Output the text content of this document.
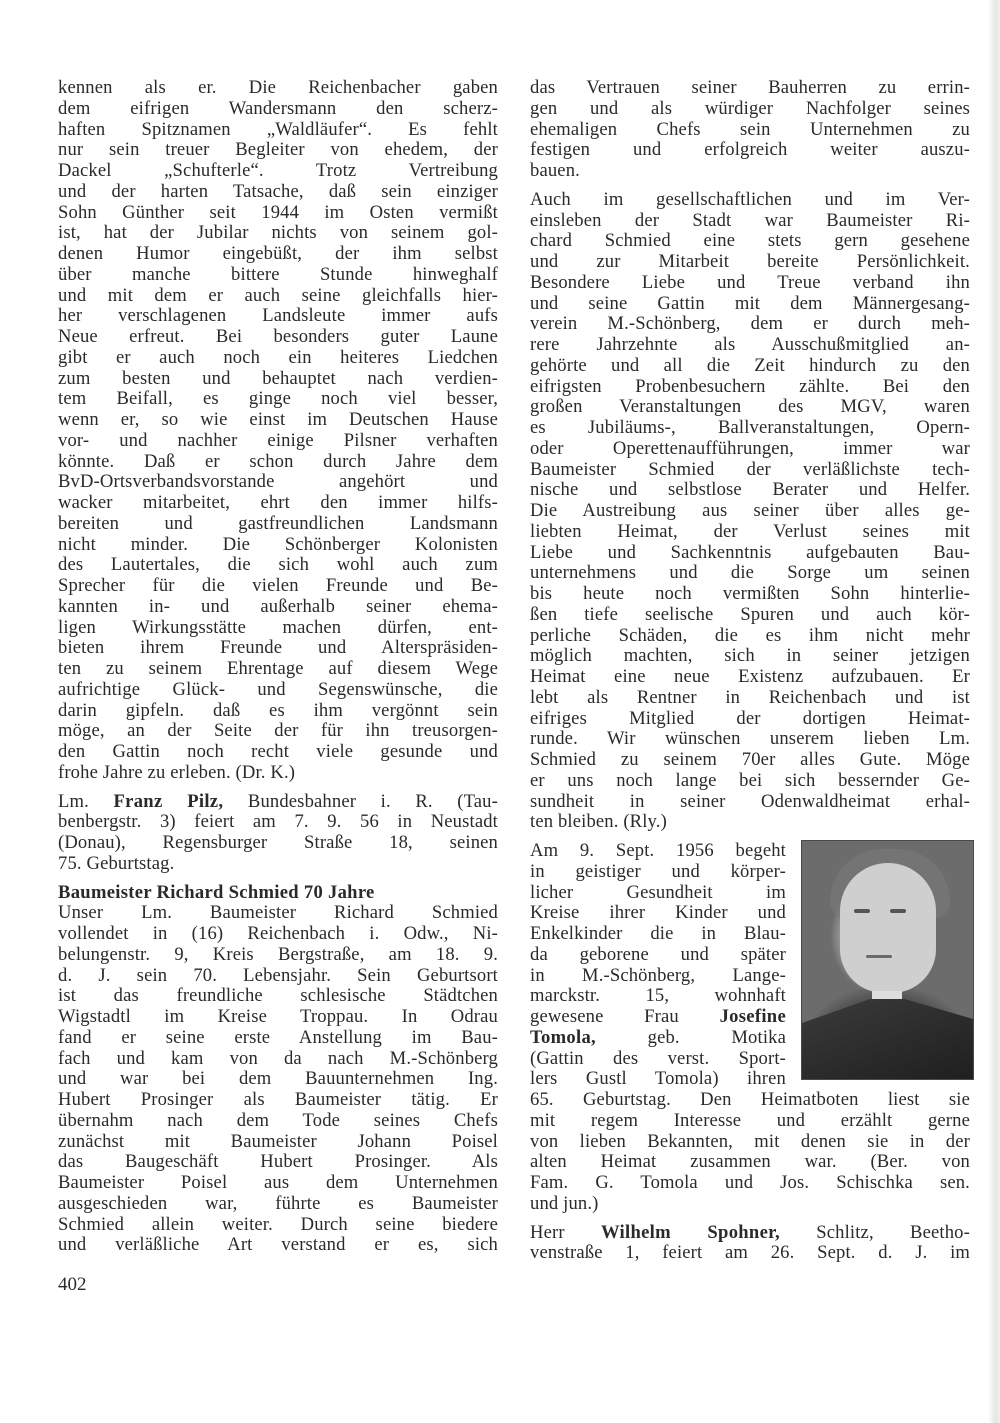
kennen als er. Die Reichenbacher gaben
dem eifrigen Wandersmann den scherz-
haften Spitznamen „Waldläufer“. Es fehlt
nur sein treuer Begleiter von ehedem, der
Dackel „Schufterle“. Trotz Vertreibung
und der harten Tatsache, daß sein einziger
Sohn Günther seit 1944 im Osten vermißt
ist, hat der Jubilar nichts von seinem gol-
denen Humor eingebüßt, der ihm selbst
über manche bittere Stunde hinweghalf
und mit dem er auch seine gleichfalls hier-
her verschlagenen Landsleute immer aufs
Neue erfreut. Bei besonders guter Laune
gibt er auch noch ein heiteres Liedchen
zum besten und behauptet nach verdien-
tem Beifall, es ginge noch viel besser,
wenn er, so wie einst im Deutschen Hause
vor- und nachher einige Pilsner verhaften
könnte. Daß er schon durch Jahre dem
BvD-Ortsverbandsvorstande angehört und
wacker mitarbeitet, ehrt den immer hilfs-
bereiten und gastfreundlichen Landsmann
nicht minder. Die Schönberger Kolonisten
des Lautertales, die sich wohl auch zum
Sprecher für die vielen Freunde und Be-
kannten in- und außerhalb seiner ehema-
ligen Wirkungsstätte machen dürfen, ent-
bieten ihrem Freunde und Alterspräsiden-
ten zu seinem Ehrentage auf diesem Wege
aufrichtige Glück- und Segenswünsche, die
darin gipfeln. daß es ihm vergönnt sein
möge, an der Seite der für ihn treusorgen-
den Gattin noch recht viele gesunde und
frohe Jahre zu erleben. (Dr. K.)
Lm. Franz Pilz, Bundesbahner i. R. (Tau-
benbergstr. 3) feiert am 7. 9. 56 in Neustadt
(Donau), Regensburger Straße 18, seinen
75. Geburtstag.
Baumeister Richard Schmied 70 Jahre
Unser Lm. Baumeister Richard Schmied
vollendet in (16) Reichenbach i. Odw., Ni-
belungenstr. 9, Kreis Bergstraße, am 18. 9.
d. J. sein 70. Lebensjahr. Sein Geburtsort
ist das freundliche schlesische Städtchen
Wigstadtl im Kreise Troppau. In Odrau
fand er seine erste Anstellung im Bau-
fach und kam von da nach M.-Schönberg
und war bei dem Bauunternehmen Ing.
Hubert Prosinger als Baumeister tätig. Er
übernahm nach dem Tode seines Chefs
zunächst mit Baumeister Johann Poisel
das Baugeschäft Hubert Prosinger. Als
Baumeister Poisel aus dem Unternehmen
ausgeschieden war, führte es Baumeister
Schmied allein weiter. Durch seine biedere
und verläßliche Art verstand er es, sich
das Vertrauen seiner Bauherren zu errin-
gen und als würdiger Nachfolger seines
ehemaligen Chefs sein Unternehmen zu
festigen und erfolgreich weiter auszu-
bauen.
Auch im gesellschaftlichen und im Ver-
einsleben der Stadt war Baumeister Ri-
chard Schmied eine stets gern gesehene
und zur Mitarbeit bereite Persönlichkeit.
Besondere Liebe und Treue verband ihn
und seine Gattin mit dem Männergesang-
verein M.-Schönberg, dem er durch meh-
rere Jahrzehnte als Ausschußmitglied an-
gehörte und all die Zeit hindurch zu den
eifrigsten Probenbesuchern zählte. Bei den
großen Veranstaltungen des MGV, waren
es Jubiläums-, Ballveranstaltungen, Opern-
oder Operettenaufführungen, immer war
Baumeister Schmied der verläßlichste tech-
nische und selbstlose Berater und Helfer.
Die Austreibung aus seiner über alles ge-
liebten Heimat, der Verlust seines mit
Liebe und Sachkenntnis aufgebauten Bau-
unternehmens und die Sorge um seinen
bis heute noch vermißten Sohn hinterlie-
ßen tiefe seelische Spuren und auch kör-
perliche Schäden, die es ihm nicht mehr
möglich machten, sich in seiner jetzigen
Heimat eine neue Existenz aufzubauen. Er
lebt als Rentner in Reichenbach und ist
eifriges Mitglied der dortigen Heimat-
runde. Wir wünschen unserem lieben Lm.
Schmied zu seinem 70er alles Gute. Möge
er uns noch lange bei sich bessernder Ge-
sundheit in seiner Odenwaldheimat erhal-
ten bleiben. (Rly.)
Am 9. Sept. 1956 begeht
in geistiger und körper-
licher Gesundheit im
Kreise ihrer Kinder und
Enkelkinder die in Blau-
da geborene und später
in M.-Schönberg, Lange-
marckstr. 15, wohnhaft
gewesene Frau Josefine
Tomola,	geb. Motika
(Gattin des verst. Sport-
lers Gustl Tomola) ihren
65. Geburtstag. Den Heimatboten liest sie
mit regem Interesse und erzählt gerne
von lieben Bekannten, mit denen sie in der
alten Heimat zusammen war. (Ber. von
Fam. G. Tomola und Jos. Schischka sen.
und jun.)
Herr Wilhelm Spohner, Schlitz, Beetho-
venstraße 1, feiert am 26. Sept. d. J. im
402
